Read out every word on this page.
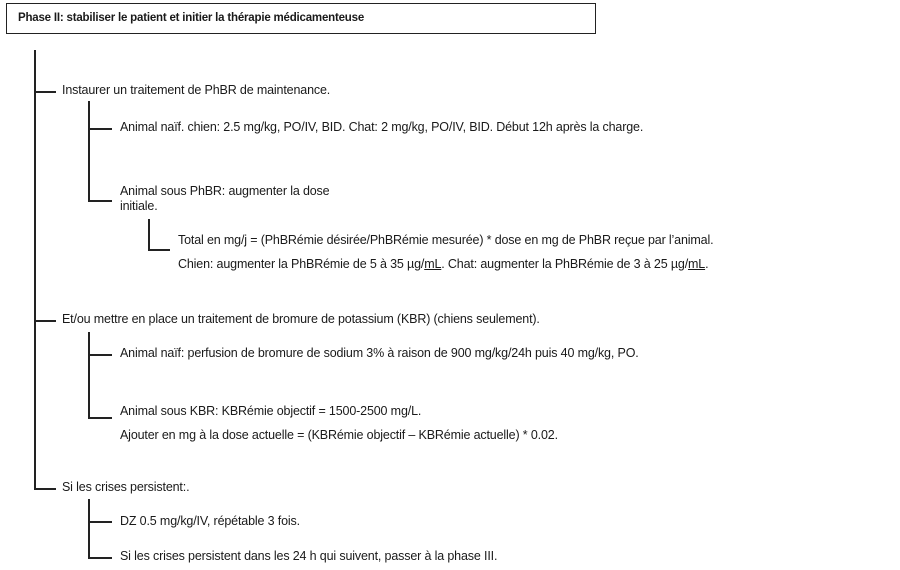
Phase II: stabiliser le patient et initier la thérapie médicamenteuse
Instaurer un traitement de PhBR de maintenance.
Animal naïf. chien: 2.5 mg/kg, PO/IV, BID. Chat: 2 mg/kg, PO/IV, BID. Début 12h après la charge.
Animal sous PhBR: augmenter la dose
initiale.
Total en mg/j = (PhBRémie désirée/PhBRémie mesurée) * dose en mg de PhBR reçue par l’animal.
Chien: augmenter la PhBRémie de 5 à 35 µg/mL. Chat: augmenter la PhBRémie de 3 à 25 µg/mL.
Et/ou mettre en place un traitement de bromure de potassium (KBR) (chiens seulement).
Animal naïf: perfusion de bromure de sodium 3% à raison de 900 mg/kg/24h puis 40 mg/kg, PO.
Animal sous KBR: KBRémie objectif = 1500-2500 mg/L.
Ajouter en mg à la dose actuelle = (KBRémie objectif – KBRémie actuelle) * 0.02.
Si les crises persistent:.
DZ 0.5 mg/kg/IV, répétable 3 fois.
Si les crises persistent dans les 24 h qui suivent, passer à la phase III.
